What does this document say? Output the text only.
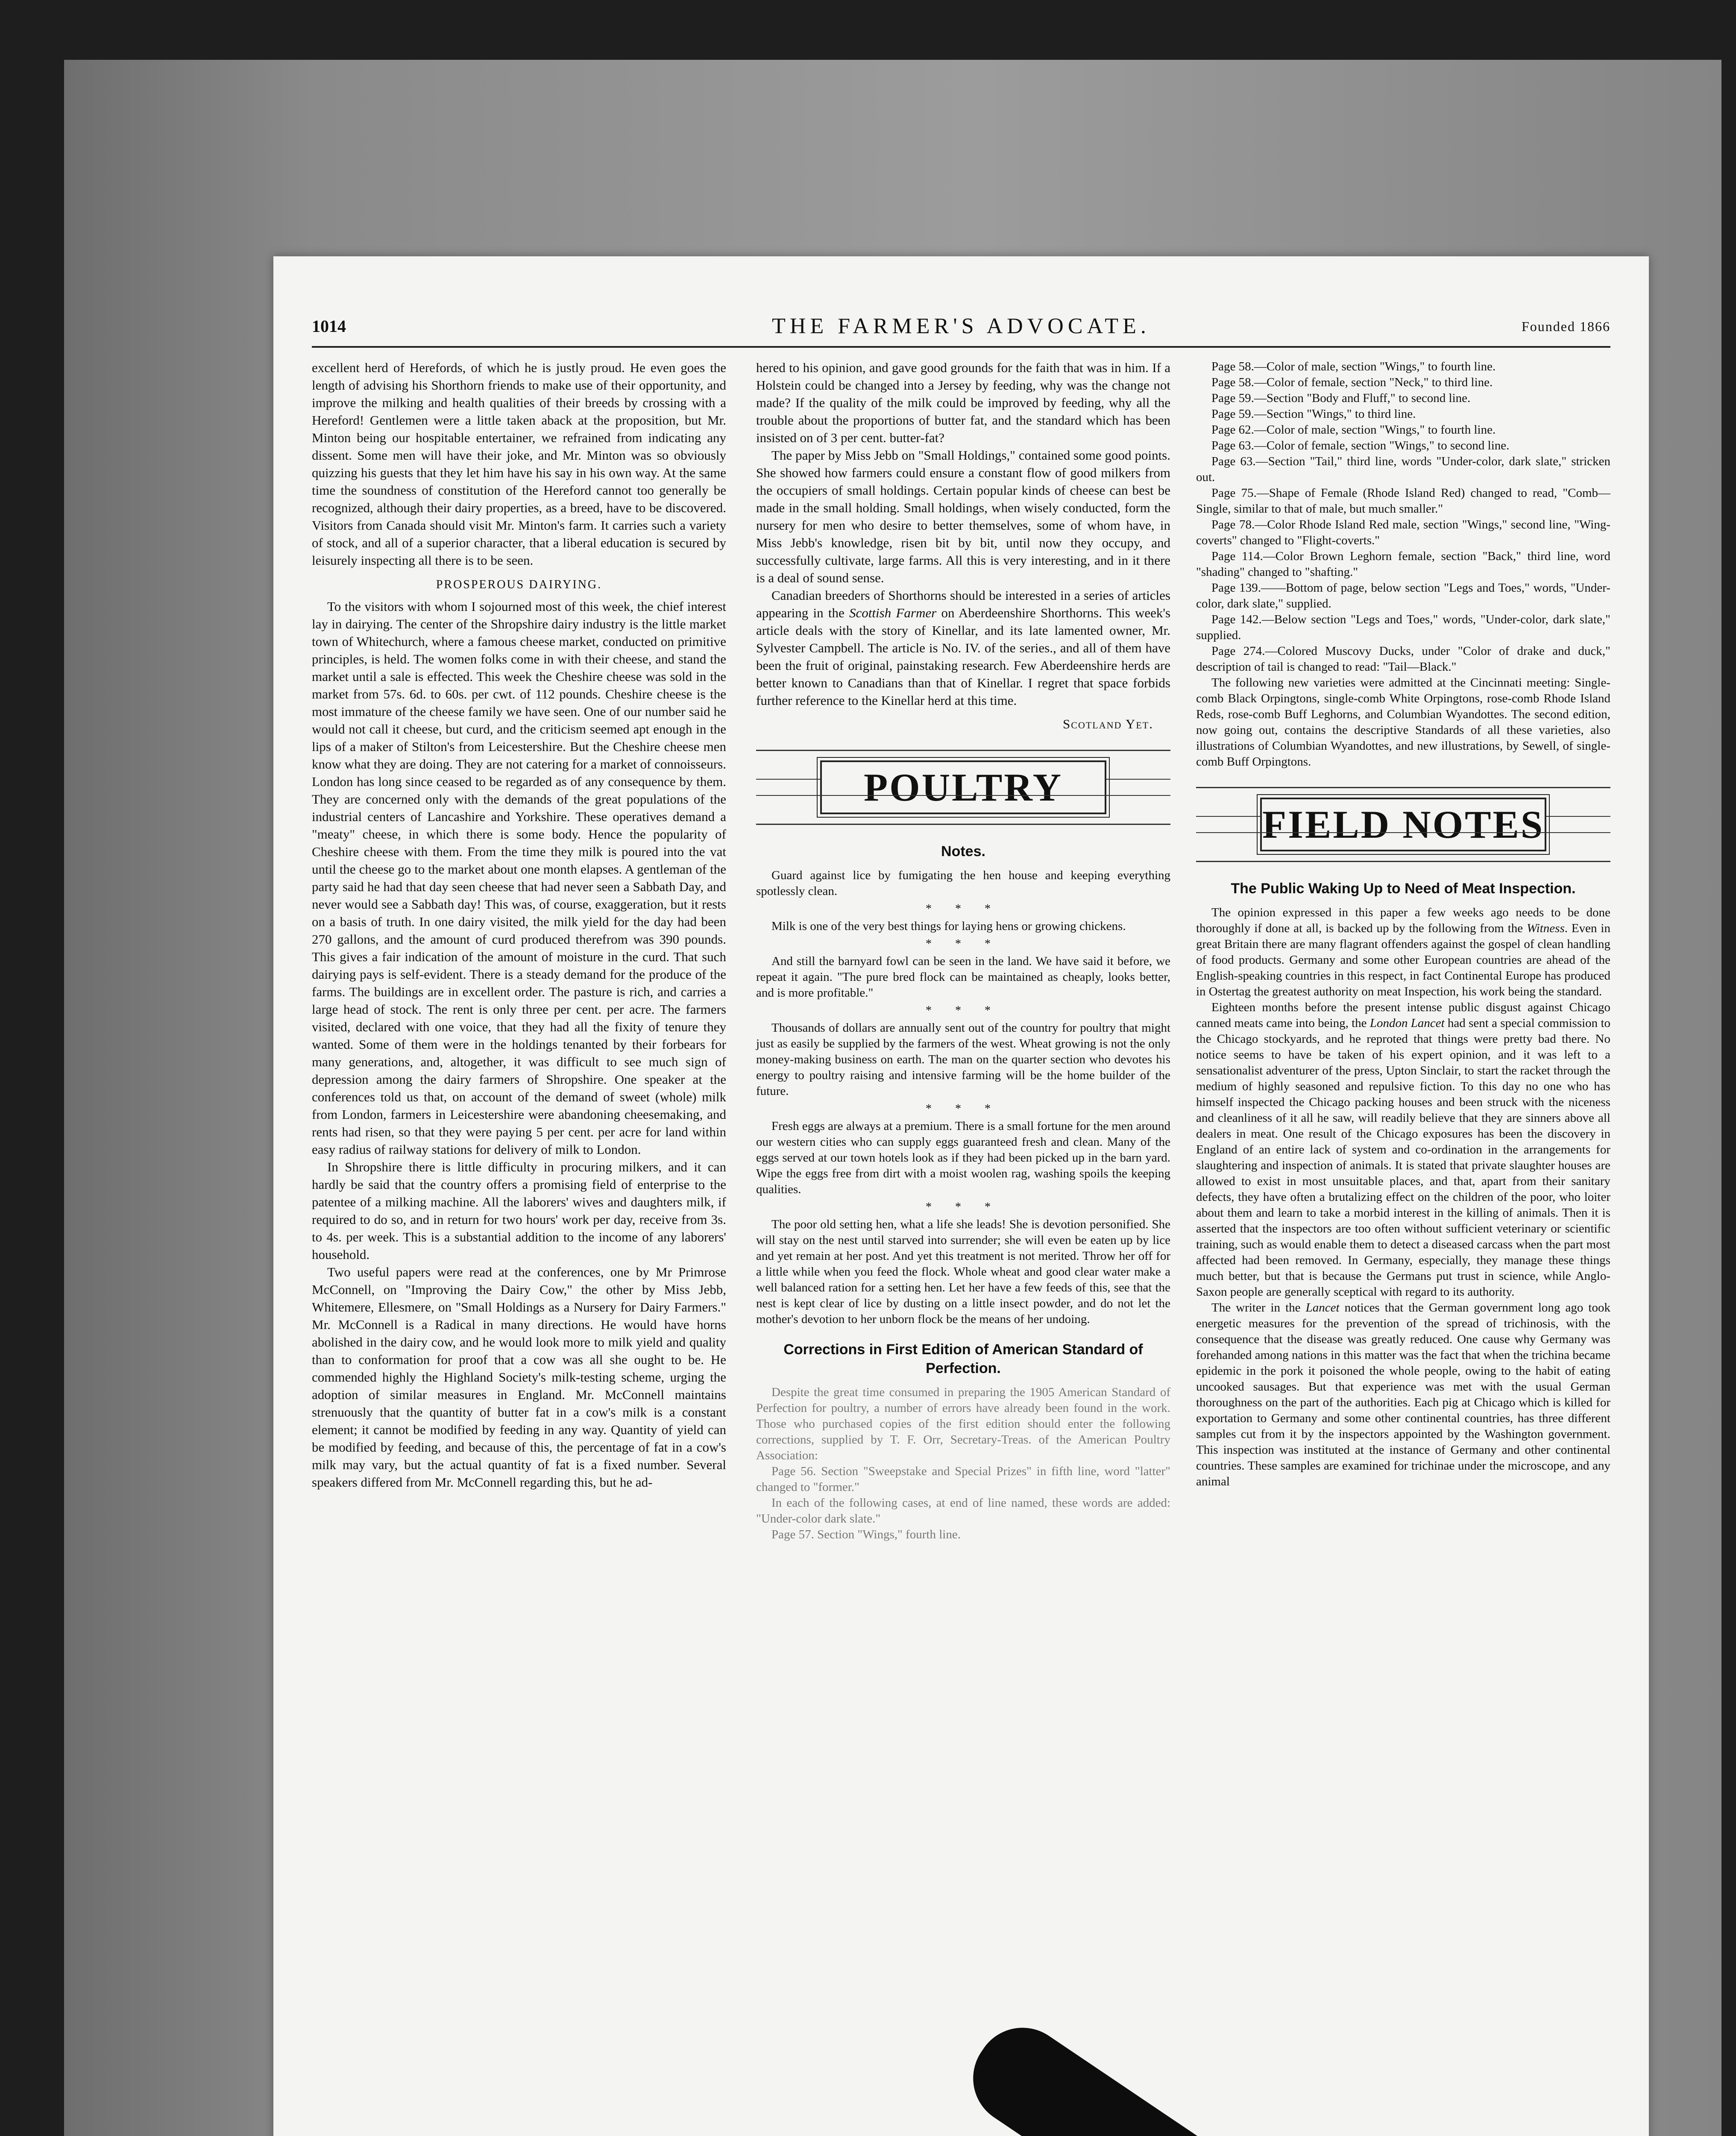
1014	THE FARMER'S ADVOCATE.	Founded 1866

excellent herd of Herefords, of which he is justly proud. He even goes the length of advising his Shorthorn friends to make use of their opportunity, and improve the milking and health qualities of their breeds by crossing with a Hereford! Gentlemen were a little taken aback at the proposition, but Mr. Minton being our hospitable entertainer, we refrained from indicating any dissent. Some men will have their joke, and Mr. Minton was so obviously quizzing his guests that they let him have his say in his own way. At the same time the soundness of constitution of the Hereford cannot too generally be recognized, although their dairy properties, as a breed, have to be discovered. Visitors from Canada should visit Mr. Minton's farm. It carries such a variety of stock, and all of a superior character, that a liberal education is secured by leisurely inspecting all there is to be seen.

PROSPEROUS DAIRYING.

To the visitors with whom I sojourned most of this week, the chief interest lay in dairying. The center of the Shropshire dairy industry is the little market town of Whitechurch, where a famous cheese market, conducted on primitive principles, is held. The women folks come in with their cheese, and stand the market until a sale is effected. This week the Cheshire cheese was sold in the market from 57s. 6d. to 60s. per cwt. of 112 pounds. Cheshire cheese is the most immature of the cheese family we have seen. One of our number said he would not call it cheese, but curd, and the criticism seemed apt enough in the lips of a maker of Stilton's from Leicestershire. But the Cheshire cheese men know what they are doing. They are not catering for a market of connoisseurs. London has long since ceased to be regarded as of any consequence by them. They are concerned only with the demands of the great populations of the industrial centers of Lancashire and Yorkshire. These operatives demand a "meaty" cheese, in which there is some body. Hence the popularity of Cheshire cheese with them. From the time they milk is poured into the vat until the cheese go to the market about one month elapses. A gentleman of the party said he had that day seen cheese that had never seen a Sabbath Day, and never would see a Sabbath day! This was, of course, exaggeration, but it rests on a basis of truth. In one dairy visited, the milk yield for the day had been 270 gallons, and the amount of curd produced therefrom was 390 pounds. This gives a fair indication of the amount of moisture in the curd. That such dairying pays is self-evident. There is a steady demand for the produce of the farms. The buildings are in excellent order. The pasture is rich, and carries a large head of stock. The rent is only three per cent. per acre. The farmers visited, declared with one voice, that they had all the fixity of tenure they wanted. Some of them were in the holdings tenanted by their forbears for many generations, and, altogether, it was difficult to see much sign of depression among the dairy farmers of Shropshire. One speaker at the conferences told us that, on account of the demand of sweet (whole) milk from London, farmers in Leicestershire were abandoning cheesemaking, and rents had risen, so that they were paying 5 per cent. per acre for land within easy radius of railway stations for delivery of milk to London.

In Shropshire there is little difficulty in procuring milkers, and it can hardly be said that the country offers a promising field of enterprise to the patentee of a milking machine. All the laborers' wives and daughters milk, if required to do so, and in return for two hours' work per day, receive from 3s. to 4s. per week. This is a substantial addition to the income of any laborers' household.

Two useful papers were read at the conferences, one by Mr Primrose McConnell, on "Improving the Dairy Cow," the other by Miss Jebb, Whitemere, Ellesmere, on "Small Holdings as a Nursery for Dairy Farmers." Mr. McConnell is a Radical in many directions. He would have horns abolished in the dairy cow, and he would look more to milk yield and quality than to conformation for proof that a cow was all she ought to be. He commended highly the Highland Society's milk-testing scheme, urging the adoption of similar measures in England. Mr. McConnell maintains strenuously that the quantity of butter fat in a cow's milk is a constant element; it cannot be modified by feeding in any way. Quantity of yield can be modified by feeding, and because of this, the percentage of fat in a cow's milk may vary, but the actual quantity of fat is a fixed number. Several speakers differed from Mr. McConnell regarding this, but he ad-

hered to his opinion, and gave good grounds for the faith that was in him. If a Holstein could be changed into a Jersey by feeding, why was the change not made? If the quality of the milk could be improved by feeding, why all the trouble about the proportions of butter fat, and the standard which has been insisted on of 3 per cent. butter-fat?

The paper by Miss Jebb on "Small Holdings," contained some good points. She showed how farmers could ensure a constant flow of good milkers from the occupiers of small holdings. Certain popular kinds of cheese can best be made in the small holding. Small holdings, when wisely conducted, form the nursery for men who desire to better themselves, some of whom have, in Miss Jebb's knowledge, risen bit by bit, until now they occupy, and successfully cultivate, large farms. All this is very interesting, and in it there is a deal of sound sense.

Canadian breeders of Shorthorns should be interested in a series of articles appearing in the Scottish Farmer on Aberdeenshire Shorthorns. This week's article deals with the story of Kinellar, and its late lamented owner, Mr. Sylvester Campbell. The article is No. IV. of the series., and all of them have been the fruit of original, painstaking research. Few Aberdeenshire herds are better known to Canadians than that of Kinellar. I regret that space forbids further reference to the Kinellar herd at this time.

Scotland Yet.
POULTRY
Notes.

Guard against lice by fumigating the hen house and keeping everything spotlessly clean.

* * *

Milk is one of the very best things for laying hens or growing chickens.

* * *

And still the barnyard fowl can be seen in the land. We have said it before, we repeat it again. "The pure bred flock can be maintained as cheaply, looks better, and is more profitable."

* * *

Thousands of dollars are annually sent out of the country for poultry that might just as easily be supplied by the farmers of the west. Wheat growing is not the only money-making business on earth. The man on the quarter section who devotes his energy to poultry raising and intensive farming will be the home builder of the future.

* * *

Fresh eggs are always at a premium. There is a small fortune for the men around our western cities who can supply eggs guaranteed fresh and clean. Many of the eggs served at our town hotels look as if they had been picked up in the barn yard. Wipe the eggs free from dirt with a moist woolen rag, washing spoils the keeping qualities.

* * *

The poor old setting hen, what a life she leads! She is devotion personified. She will stay on the nest until starved into surrender; she will even be eaten up by lice and yet remain at her post. And yet this treatment is not merited. Throw her off for a little while when you feed the flock. Whole wheat and good clear water make a well balanced ration for a setting hen. Let her have a few feeds of this, see that the nest is kept clear of lice by dusting on a little insect powder, and do not let the mother's devotion to her unborn flock be the means of her undoing.

Corrections in First Edition of American Standard of Perfection.

Despite the great time consumed in preparing the 1905 American Standard of Perfection for poultry, a number of errors have already been found in the work. Those who purchased copies of the first edition should enter the following corrections, supplied by T. F. Orr, Secretary-Treas. of the American Poultry Association:

Page 56. Section "Sweepstake and Special Prizes" in fifth line, word "latter" changed to "former."

In each of the following cases, at end of line named, these words are added: "Under-color dark slate."

Page 57. Section "Wings," fourth line.

Page 58.—Color of male, section "Wings," to fourth line.

Page 58.—Color of female, section "Neck," to third line.

Page 59.—Section "Body and Fluff," to second line.

Page 59.—Section "Wings," to third line.

Page 62.—Color of male, section "Wings," to fourth line.

Page 63.—Color of female, section "Wings," to second line.

Page 63.—Section "Tail," third line, words "Under-color, dark slate," stricken out.

Page 75.—Shape of Female (Rhode Island Red) changed to read, "Comb—Single, similar to that of male, but much smaller."

Page 78.—Color Rhode Island Red male, section "Wings," second line, "Wing-coverts" changed to "Flight-coverts."

Page 114.—Color Brown Leghorn female, section "Back," third line, word "shading" changed to "shafting."

Page 139.——Bottom of page, below section "Legs and Toes," words, "Under-color, dark slate," supplied.

Page 142.—Below section "Legs and Toes," words, "Under-color, dark slate," supplied.

Page 274.—Colored Muscovy Ducks, under "Color of drake and duck," description of tail is changed to read: "Tail—Black."

The following new varieties were admitted at the Cincinnati meeting: Single-comb Black Orpingtons, single-comb White Orpingtons, rose-comb Rhode Island Reds, rose-comb Buff Leghorns, and Columbian Wyandottes. The second edition, now going out, contains the descriptive Standards of all these varieties, also illustrations of Columbian Wyandottes, and new illustrations, by Sewell, of single-comb Buff Orpingtons.

FIELD NOTES
The Public Waking Up to Need of Meat Inspection.

The opinion expressed in this paper a few weeks ago needs to be done thoroughly if done at all, is backed up by the following from the Witness. Even in great Britain there are many flagrant offenders against the gospel of clean handling of food products. Germany and some other European countries are ahead of the English-speaking countries in this respect, in fact Continental Europe has produced in Ostertag the greatest authority on meat Inspection, his work being the standard.

Eighteen months before the present intense public disgust against Chicago canned meats came into being, the London Lancet had sent a special commission to the Chicago stockyards, and he reproted that things were pretty bad there. No notice seems to have be taken of his expert opinion, and it was left to a sensationalist adventurer of the press, Upton Sinclair, to start the racket through the medium of highly seasoned and repulsive fiction. To this day no one who has himself inspected the Chicago packing houses and been struck with the niceness and cleanliness of it all he saw, will readily believe that they are sinners above all dealers in meat. One result of the Chicago exposures has been the discovery in England of an entire lack of system and co-ordination in the arrangements for slaughtering and inspection of animals. It is stated that private slaughter houses are allowed to exist in most unsuitable places, and that, apart from their sanitary defects, they have often a brutalizing effect on the children of the poor, who loiter about them and learn to take a morbid interest in the killing of animals. Then it is asserted that the inspectors are too often without sufficient veterinary or scientific training, such as would enable them to detect a diseased carcass when the part most affected had been removed. In Germany, especially, they manage these things much better, but that is because the Germans put trust in science, while Anglo-Saxon people are generally sceptical with regard to its authority.

The writer in the Lancet notices that the German government long ago took energetic measures for the prevention of the spread of trichinosis, with the consequence that the disease was greatly reduced. One cause why Germany was forehanded among nations in this matter was the fact that when the trichina became epidemic in the pork it poisoned the whole people, owing to the habit of eating uncooked sausages. But that experience was met with the usual German thoroughness on the part of the authorities. Each pig at Chicago which is killed for exportation to Germany and some other continental countries, has three different samples cut from it by the inspectors appointed by the Washington government. This inspection was instituted at the instance of Germany and other continental countries. These samples are examined for trichinae under the microscope, and any animal
